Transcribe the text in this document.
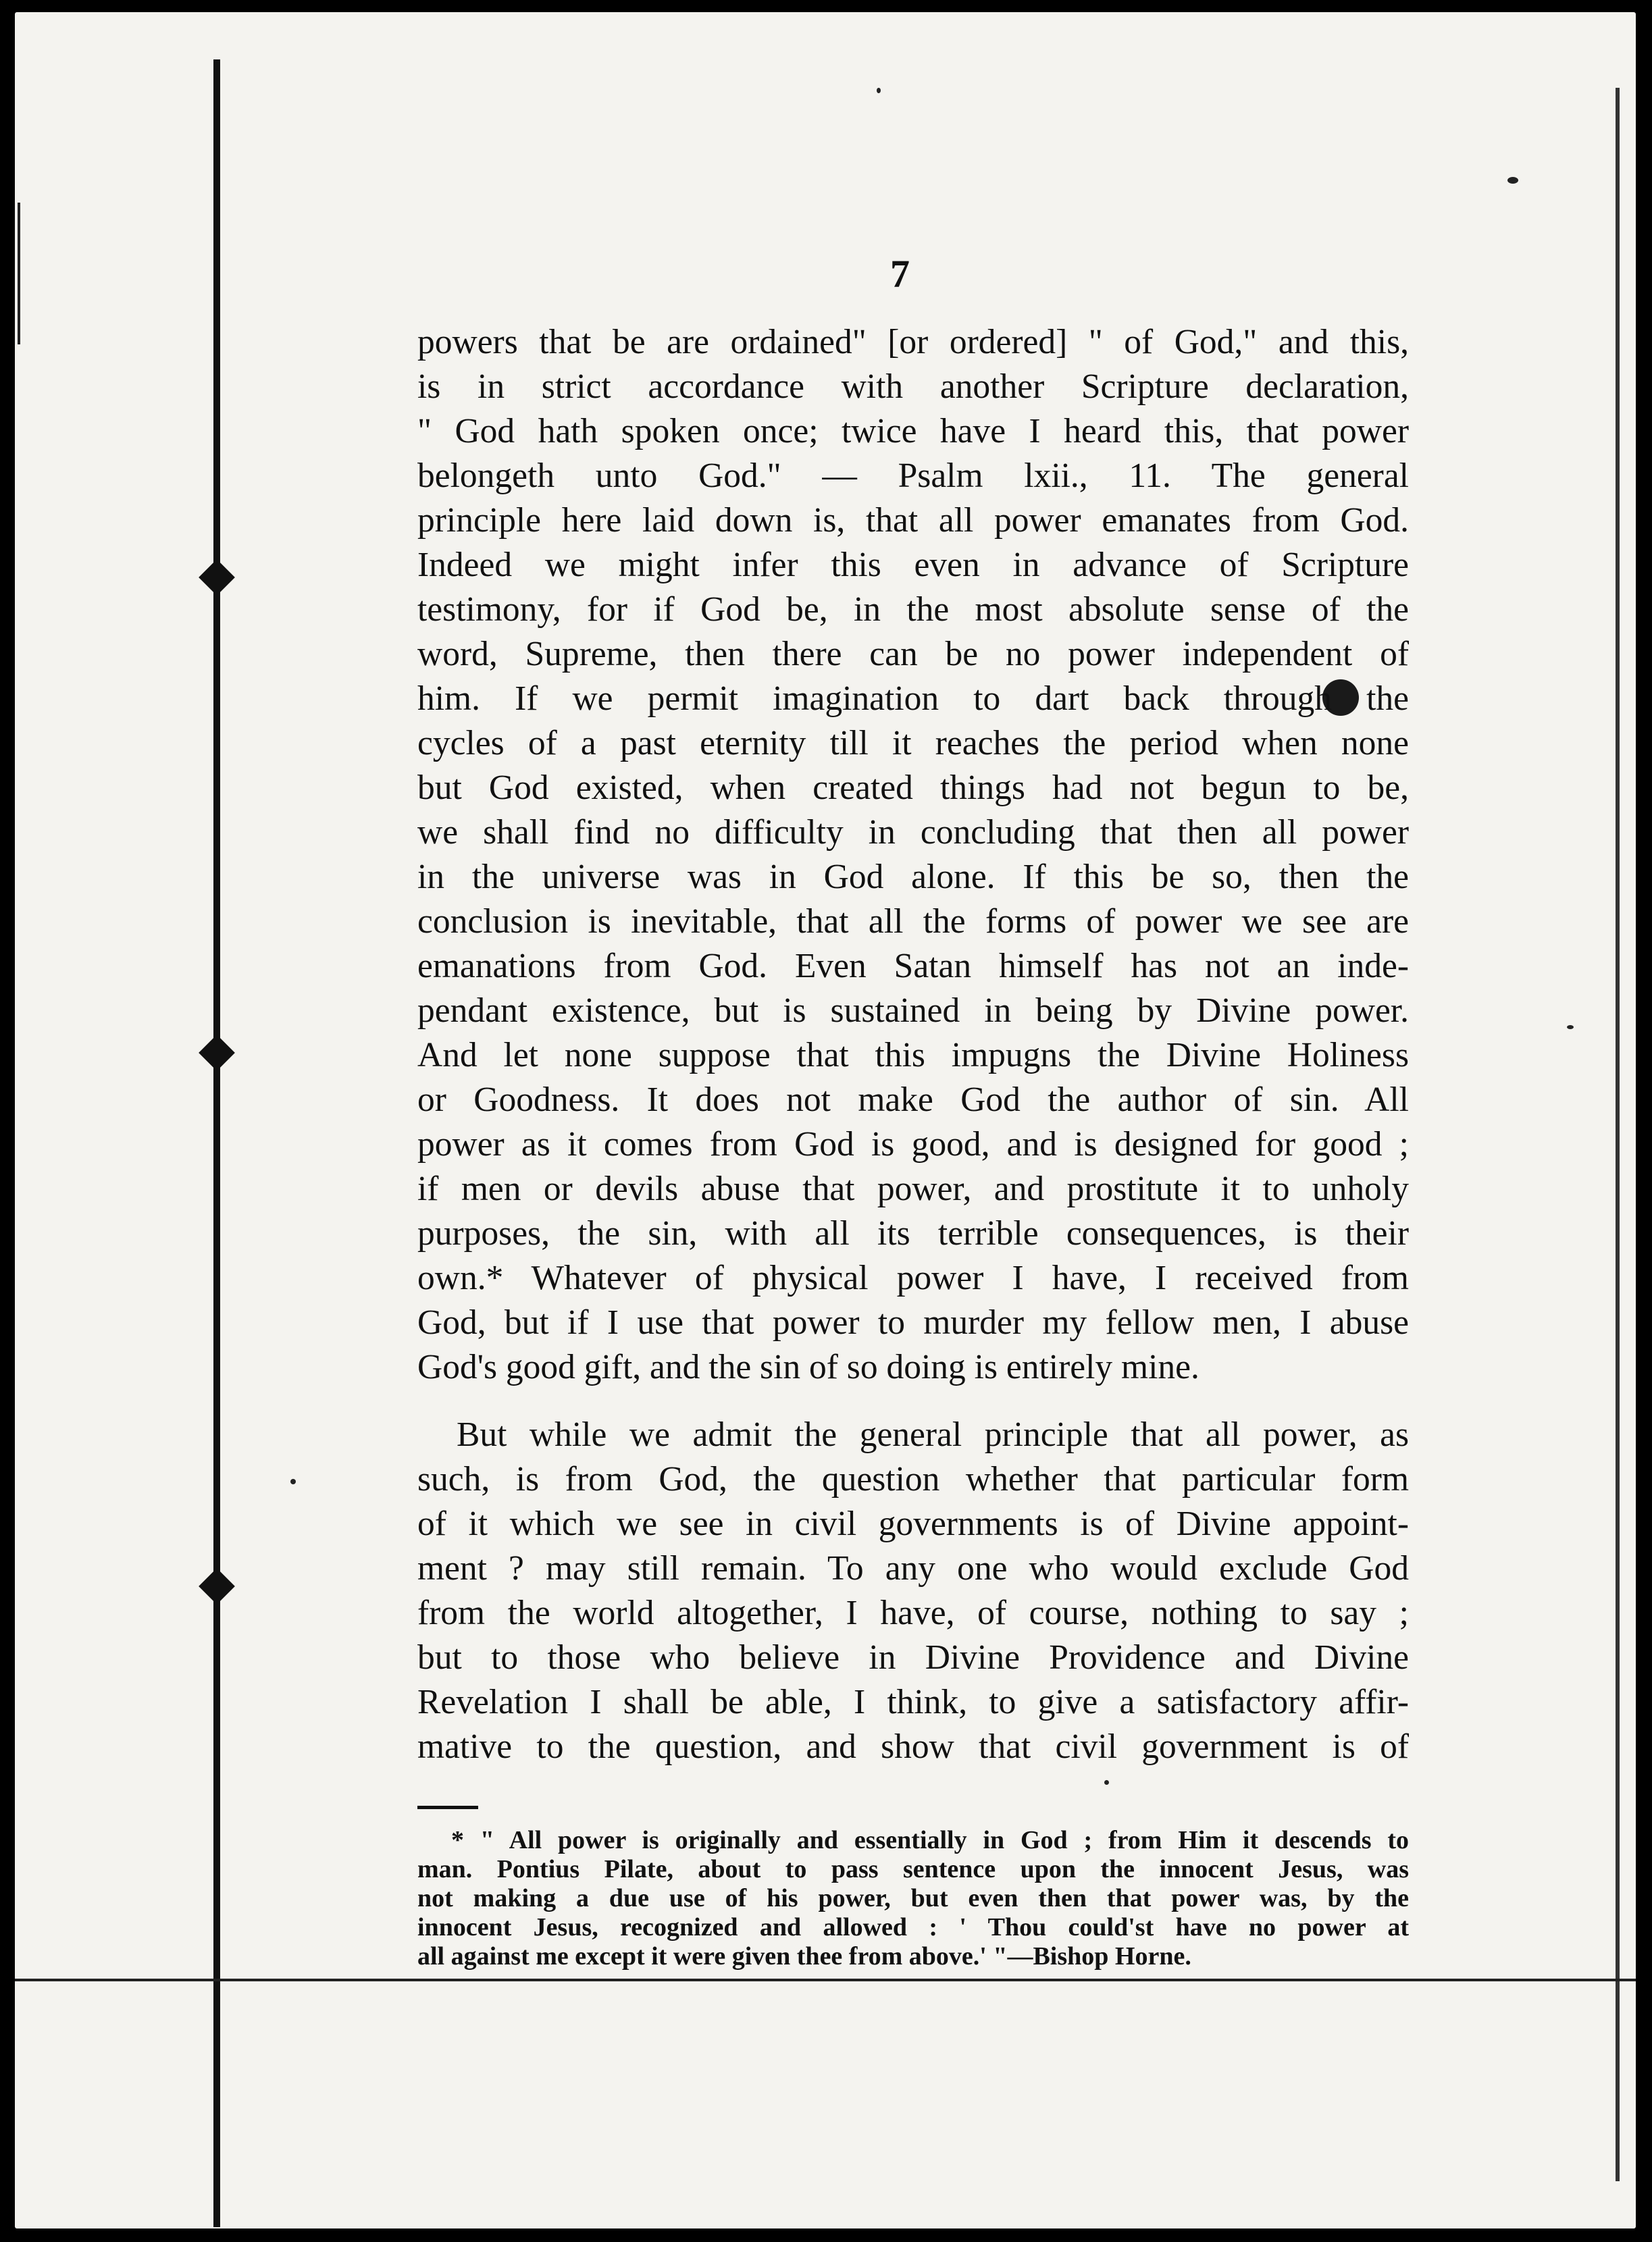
7
powers that be are ordained" [or ordered] " of God," and this,
is in strict accordance with another Scripture declaration,
" God hath spoken once; twice have I heard this, that power
belongeth unto God." — Psalm lxii., 11. The general
principle here laid down is, that all power emanates from God.
Indeed we might infer this even in advance of Scripture
testimony, for if God be, in the most absolute sense of the
word, Supreme, then there can be no power independent of
him. If we permit imagination to dart back through the
cycles of a past eternity till it reaches the period when none
but God existed, when created things had not begun to be,
we shall find no difficulty in concluding that then all power
in the universe was in God alone. If this be so, then the
conclusion is inevitable, that all the forms of power we see are
emanations from God. Even Satan himself has not an inde-
pendant existence, but is sustained in being by Divine power.
And let none suppose that this impugns the Divine Holiness
or Goodness. It does not make God the author of sin. All
power as it comes from God is good, and is designed for good ;
if men or devils abuse that power, and prostitute it to unholy
purposes, the sin, with all its terrible consequences, is their
own.* Whatever of physical power I have, I received from
God, but if I use that power to murder my fellow men, I abuse
God's good gift, and the sin of so doing is entirely mine.
But while we admit the general principle that all power, as
such, is from God, the question whether that particular form
of it which we see in civil governments is of Divine appoint-
ment ? may still remain. To any one who would exclude God
from the world altogether, I have, of course, nothing to say ;
but to those who believe in Divine Providence and Divine
Revelation I shall be able, I think, to give a satisfactory affir-
mative to the question, and show that civil government is of
* " All power is originally and essentially in God ; from Him it descends to
man. Pontius Pilate, about to pass sentence upon the innocent Jesus, was
not making a due use of his power, but even then that power was, by the
innocent Jesus, recognized and allowed : ' Thou could'st have no power at
all against me except it were given thee from above.' "—Bishop Horne.
